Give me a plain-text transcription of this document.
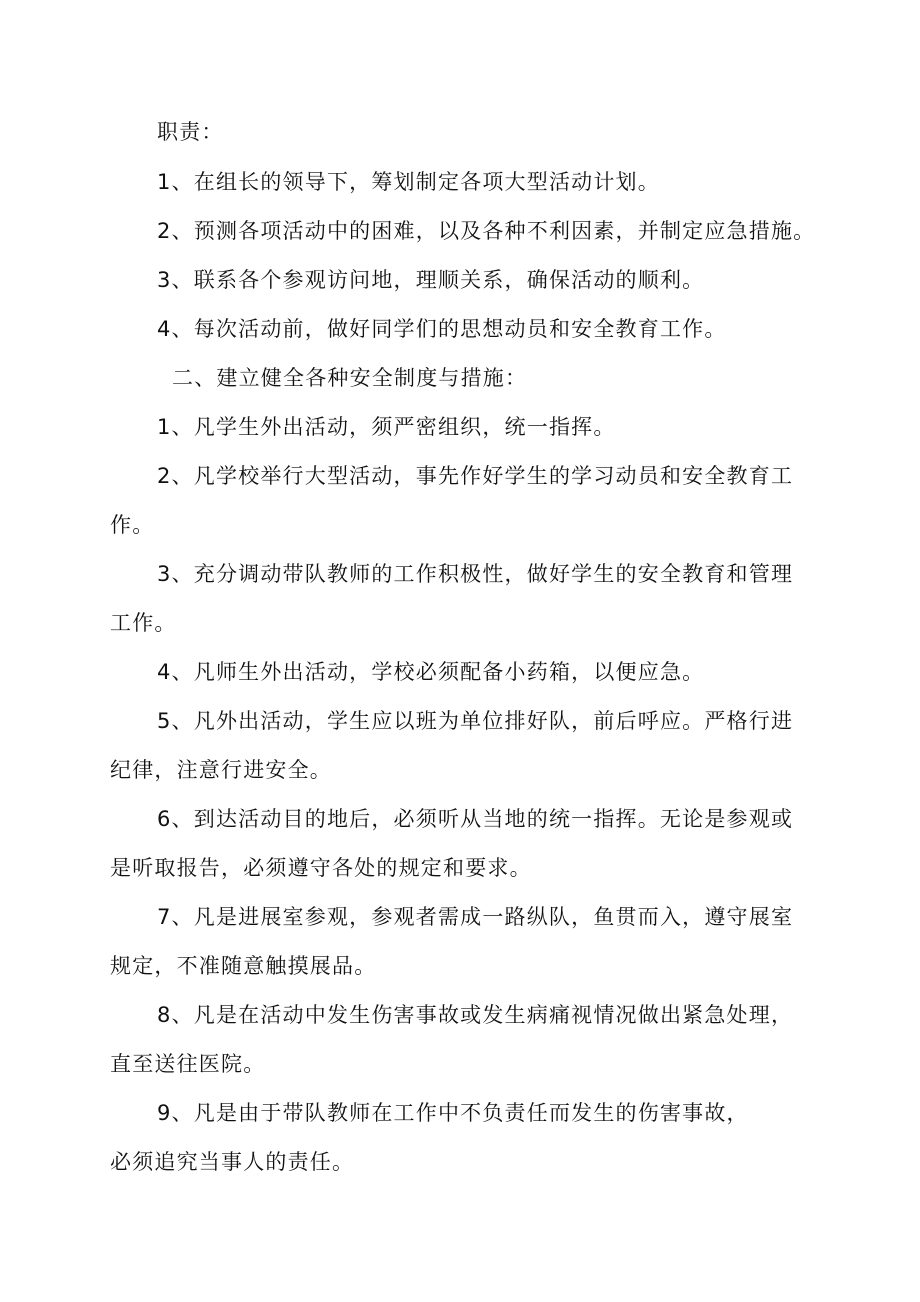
职责：
1、在组长的领导下，筹划制定各项大型活动计划。
2、预测各项活动中的困难，以及各种不利因素，并制定应急措施。
3、联系各个参观访问地，理顺关系，确保活动的顺利。
4、每次活动前，做好同学们的思想动员和安全教育工作。
二、建立健全各种安全制度与措施：
1、凡学生外出活动，须严密组织，统一指挥。
2、凡学校举行大型活动，事先作好学生的学习动员和安全教育工
作。
3、充分调动带队教师的工作积极性，做好学生的安全教育和管理
工作。
4、凡师生外出活动，学校必须配备小药箱，以便应急。
5、凡外出活动，学生应以班为单位排好队，前后呼应。严格行进
纪律，注意行进安全。
6、到达活动目的地后，必须听从当地的统一指挥。无论是参观或
是听取报告，必须遵守各处的规定和要求。
7、凡是进展室参观，参观者需成一路纵队，鱼贯而入，遵守展室
规定，不准随意触摸展品。
8、凡是在活动中发生伤害事故或发生病痛视情况做出紧急处理，
直至送往医院。
9、凡是由于带队教师在工作中不负责任而发生的伤害事故，
必须追究当事人的责任。
